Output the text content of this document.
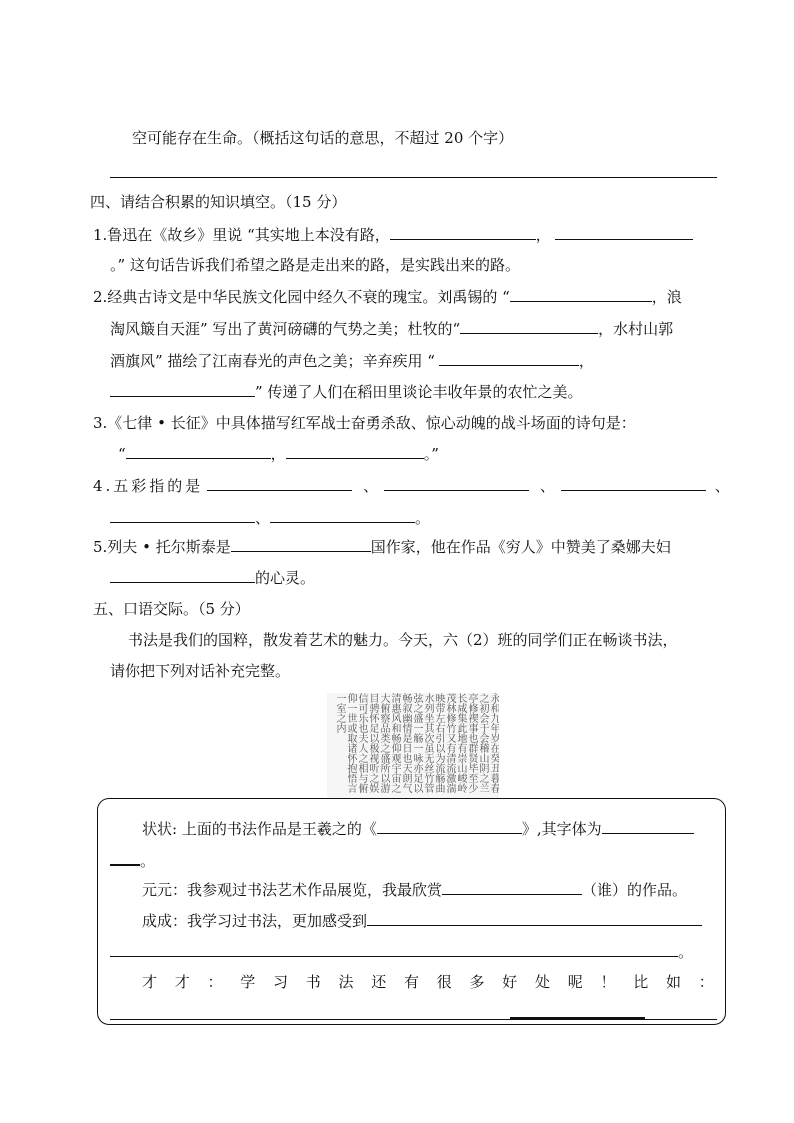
空可能存在生命。（概括这句话的意思，不超过 20 个字）
四、请结合积累的知识填空。（15 分）
1.鲁迅在《故乡》里说 “其实地上本没有路，	，
。” 这句话告诉我们希望之路是走出来的路，是实践出来的路。
2.经典古诗文是中华民族文化园中经久不衰的瑰宝。刘禹锡的 “	，浪
淘风簸自天涯” 写出了黄河磅礴的气势之美；杜牧的“	，水村山郭
酒旗风” 描绘了江南春光的声色之美；辛弃疾用 “	，
” 传递了人们在稻田里谈论丰收年景的农忙之美。
3.《七律 • 长征》中具体描写红军战士奋勇杀敌、惊心动魄的战斗场面的诗句是：
“	，	。”
4.五彩指的是	、	、	、
、	。
5.列夫 • 托尔斯泰是	国作家，他在作品《穷人》中赞美了桑娜夫妇
的心灵。
五、口语交际。（5 分）
书法是我们的国粹，散发着艺术的魅力。今天，六（2）班的同学们正在畅谈书法，
请你把下列对话补充完整。
永和九年岁在癸丑暮春之初会于会稽山阴之兰亭修禊事也群贤毕至少长咸集此地有崇山峻岭茂林修竹又有清流激湍映带左右引以为流觞曲水列坐其次虽无丝竹管弦之盛一觞一咏亦足以畅叙幽情是日也天朗气清惠风和畅仰观宇宙之大俯察品类之盛所以游目骋怀足以极视听之娱信可乐也夫人之相与俯仰一世或取诸怀抱悟言一室之内
状状: 上面的书法作品是王羲之的《	》,其字体为
。
元元：我参观过书法艺术作品展览，我最欣赏	（谁）的作品。
成成：我学习过书法，更加感受到
。
才 才 ： 学 习 书 法 还 有 很 多 好 处 呢 ！ 比 如 ：
